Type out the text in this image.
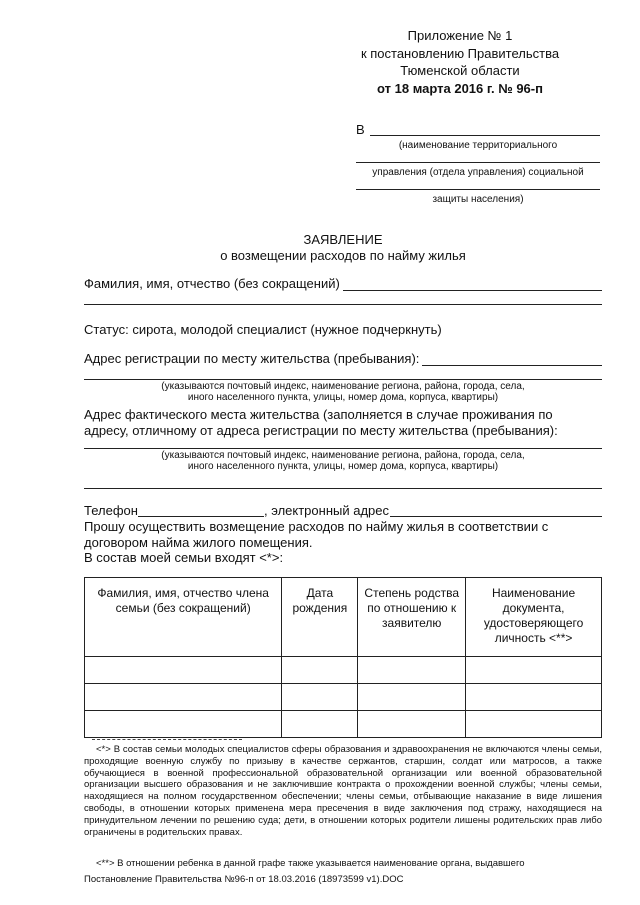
Приложение № 1
к постановлению Правительства
Тюменской области
от 18 марта 2016 г. № 96-п
В
(наименование территориального
управления (отдела управления) социальной
защиты населения)
ЗАЯВЛЕНИЕ
о возмещении расходов по найму жилья
Фамилия, имя, отчество (без сокращений)
Статус: сирота, молодой специалист (нужное подчеркнуть)
Адрес регистрации по месту жительства (пребывания):
(указываются почтовый индекс, наименование региона, района, города, села,
иного населенного пункта, улицы, номер дома, корпуса, квартиры)
Адрес фактического места жительства (заполняется в случае проживания по
адресу, отличному от адреса регистрации по месту жительства (пребывания):
(указываются почтовый индекс, наименование региона, района, города, села,
иного населенного пункта, улицы, номер дома, корпуса, квартиры)
Телефон	, электронный адрес
Прошу осуществить возмещение расходов по найму жилья в соответствии с
договором найма жилого помещения.
В состав моей семьи входят <*>:
Фамилия, имя, отчество члена семьи (без сокращений)	Дата рождения	Степень родства по отношению к заявителю	Наименование документа, удостоверяющего личность <**>

<*> В состав семьи молодых специалистов сферы образования и здравоохранения не включаются члены семьи, проходящие военную службу по призыву в качестве сержантов, старшин, солдат или матросов, а также обучающиеся в военной профессиональной образовательной организации или военной образовательной организации высшего образования и не заключившие контракта о прохождении военной службы; члены семьи, находящиеся на полном государственном обеспечении; члены семьи, отбывающие наказание в виде лишения свободы, в отношении которых применена мера пресечения в виде заключения под стражу, находящиеся на принудительном лечении по решению суда; дети, в отношении которых родители лишены родительских прав либо ограничены в родительских правах.
<**> В отношении ребенка в данной графе также указывается наименование органа, выдавшего
Постановление Правительства №96-п от 18.03.2016 (18973599 v1).DOC
